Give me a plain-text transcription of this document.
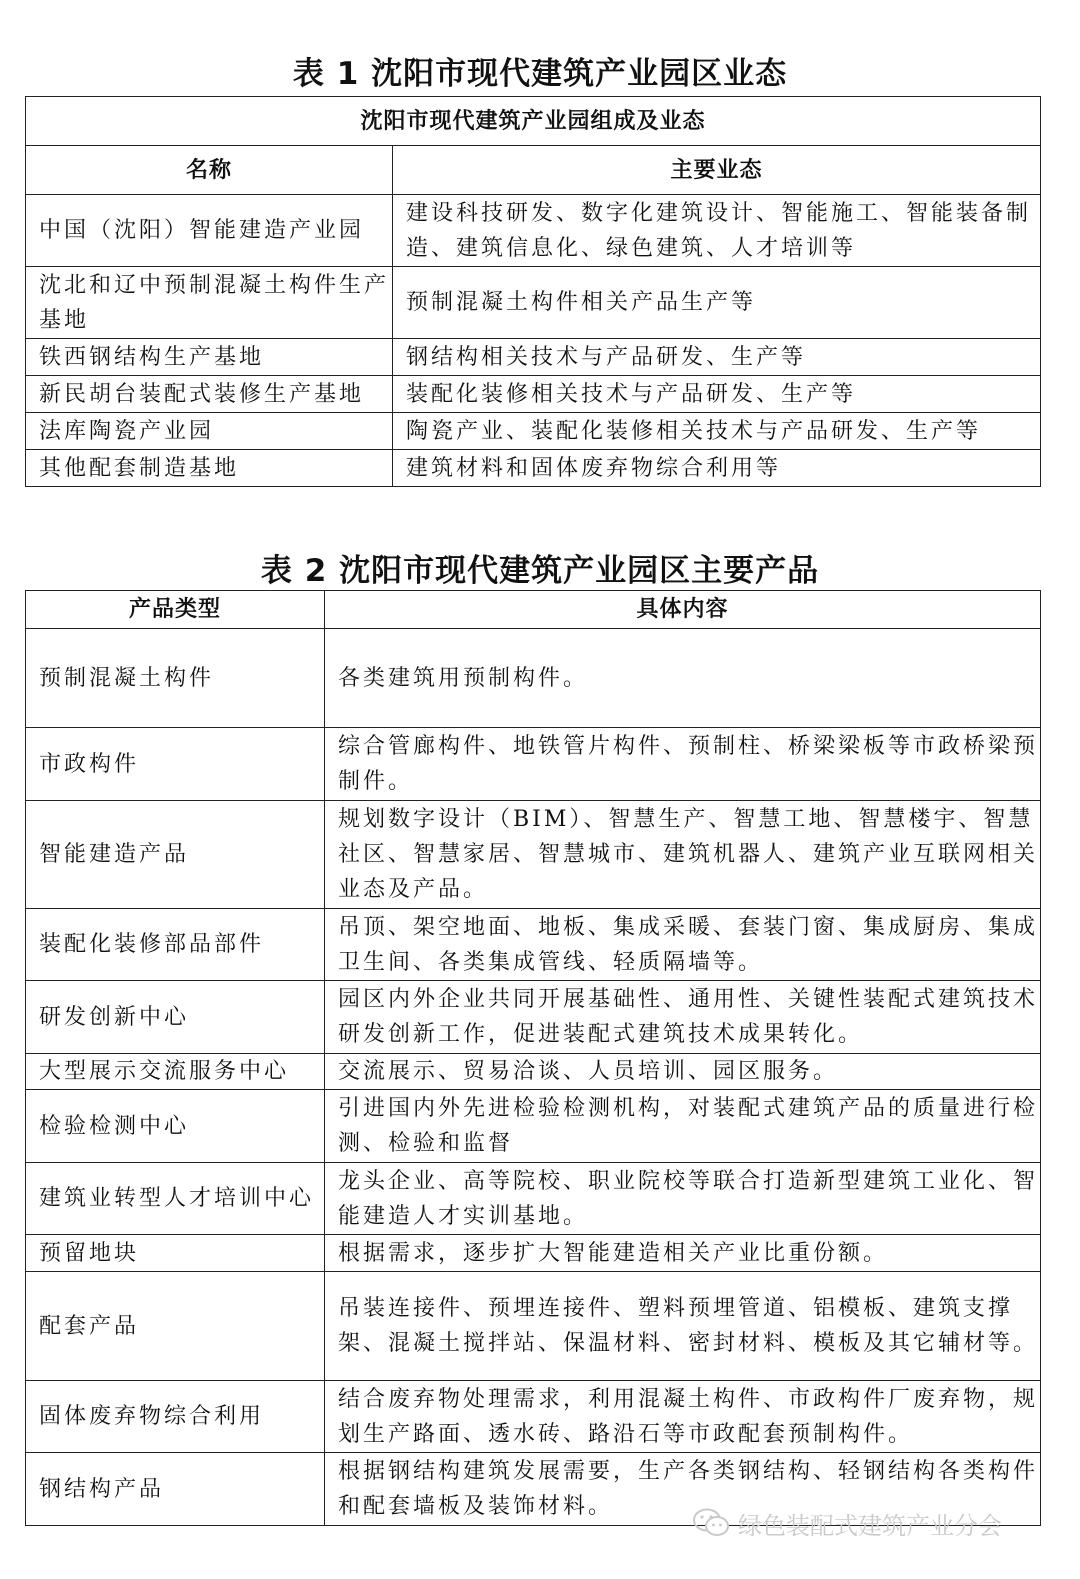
表 1 沈阳市现代建筑产业园区业态
沈阳市现代建筑产业园组成及业态	
名称	主要业态
中国（沈阳）智能建造产业园	建设科技研发、数字化建筑设计、智能施工、智能装备制造、建筑信息化、绿色建筑、人才培训等
沈北和辽中预制混凝土构件生产基地	预制混凝土构件相关产品生产等
铁西钢结构生产基地	钢结构相关技术与产品研发、生产等
新民胡台装配式装修生产基地	装配化装修相关技术与产品研发、生产等
法库陶瓷产业园	陶瓷产业、装配化装修相关技术与产品研发、生产等
其他配套制造基地	建筑材料和固体废弃物综合利用等
表 2 沈阳市现代建筑产业园区主要产品
产品类型	具体内容
预制混凝土构件	各类建筑用预制构件。
市政构件	综合管廊构件、地铁管片构件、预制柱、桥梁梁板等市政桥梁预制件。
智能建造产品	规划数字设计（BIM）、智慧生产、智慧工地、智慧楼宇、智慧社区、智慧家居、智慧城市、建筑机器人、建筑产业互联网相关业态及产品。
装配化装修部品部件	吊顶、架空地面、地板、集成采暖、套装门窗、集成厨房、集成卫生间、各类集成管线、轻质隔墙等。
研发创新中心	园区内外企业共同开展基础性、通用性、关键性装配式建筑技术研发创新工作，促进装配式建筑技术成果转化。
大型展示交流服务中心	交流展示、贸易洽谈、人员培训、园区服务。
检验检测中心	引进国内外先进检验检测机构，对装配式建筑产品的质量进行检测、检验和监督
建筑业转型人才培训中心	龙头企业、高等院校、职业院校等联合打造新型建筑工业化、智能建造人才实训基地。
预留地块	根据需求，逐步扩大智能建造相关产业比重份额。
配套产品	吊装连接件、预埋连接件、塑料预埋管道、铝模板、建筑支撑架、混凝土搅拌站、保温材料、密封材料、模板及其它辅材等。
固体废弃物综合利用	结合废弃物处理需求，利用混凝土构件、市政构件厂废弃物，规划生产路面、透水砖、路沿石等市政配套预制构件。
钢结构产品	根据钢结构建筑发展需要，生产各类钢结构、轻钢结构各类构件和配套墙板及装饰材料。
绿色装配式建筑产业分会
